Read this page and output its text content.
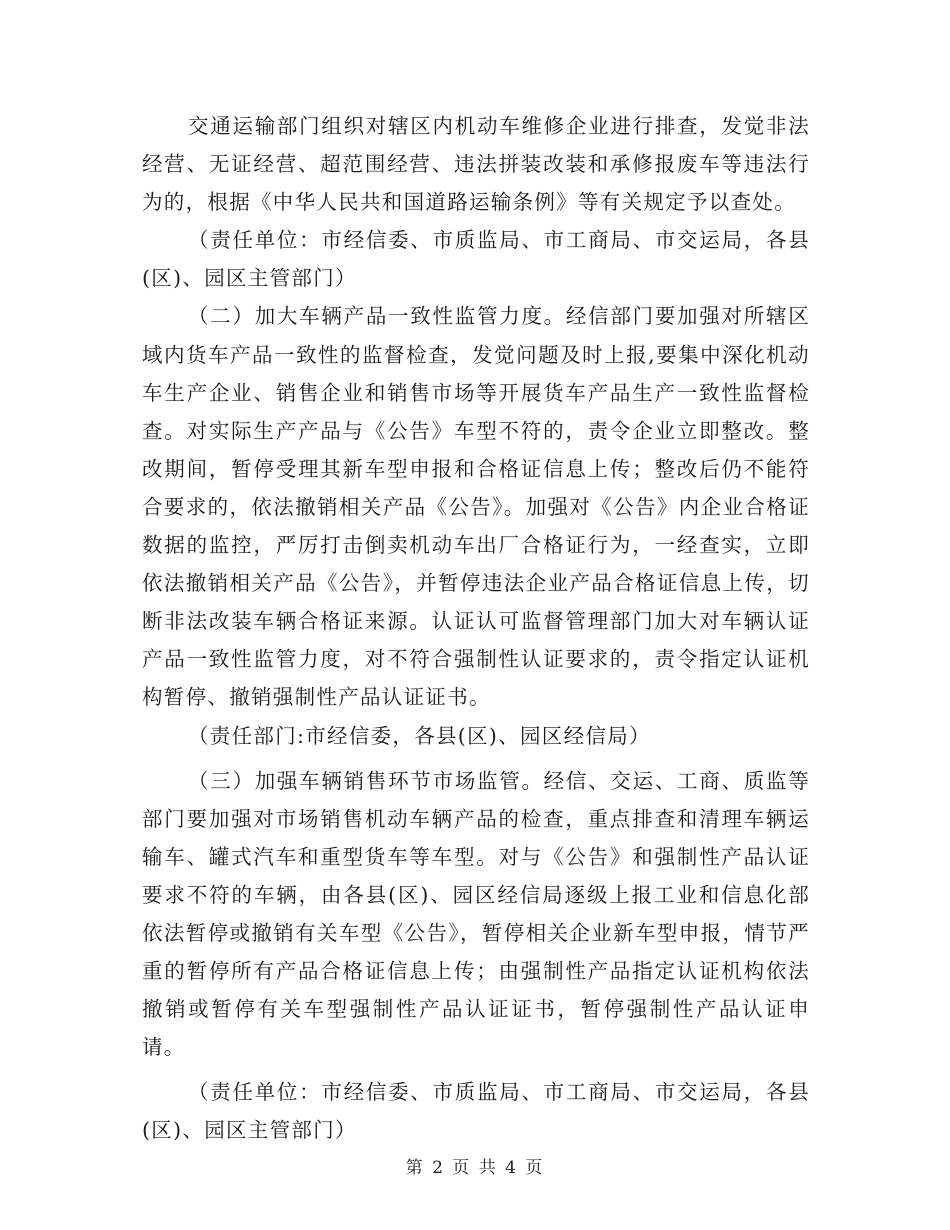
交通运输部门组织对辖区内机动车维修企业进行排查，发觉非法经营、无证经营、超范围经营、违法拼装改装和承修报废车等违法行为的，根据《中华人民共和国道路运输条例》等有关规定予以查处。

（责任单位：市经信委、市质监局、市工商局、市交运局，各县(区)、园区主管部门）

（二）加大车辆产品一致性监管力度。经信部门要加强对所辖区域内货车产品一致性的监督检查，发觉问题及时上报,要集中深化机动车生产企业、销售企业和销售市场等开展货车产品生产一致性监督检查。对实际生产产品与《公告》车型不符的，责令企业立即整改。整改期间，暂停受理其新车型申报和合格证信息上传；整改后仍不能符合要求的，依法撤销相关产品《公告》。加强对《公告》内企业合格证数据的监控，严厉打击倒卖机动车出厂合格证行为，一经查实，立即依法撤销相关产品《公告》，并暂停违法企业产品合格证信息上传，切断非法改装车辆合格证来源。认证认可监督管理部门加大对车辆认证产品一致性监管力度，对不符合强制性认证要求的，责令指定认证机构暂停、撤销强制性产品认证证书。

（责任部门:市经信委，各县(区)、园区经信局）

（三）加强车辆销售环节市场监管。经信、交运、工商、质监等部门要加强对市场销售机动车辆产品的检查，重点排查和清理车辆运输车、罐式汽车和重型货车等车型。对与《公告》和强制性产品认证要求不符的车辆，由各县(区)、园区经信局逐级上报工业和信息化部依法暂停或撤销有关车型《公告》，暂停相关企业新车型申报，情节严重的暂停所有产品合格证信息上传；由强制性产品指定认证机构依法撤销或暂停有关车型强制性产品认证证书，暂停强制性产品认证申请。

（责任单位：市经信委、市质监局、市工商局、市交运局，各县(区)、园区主管部门）

第 2 页 共 4 页
